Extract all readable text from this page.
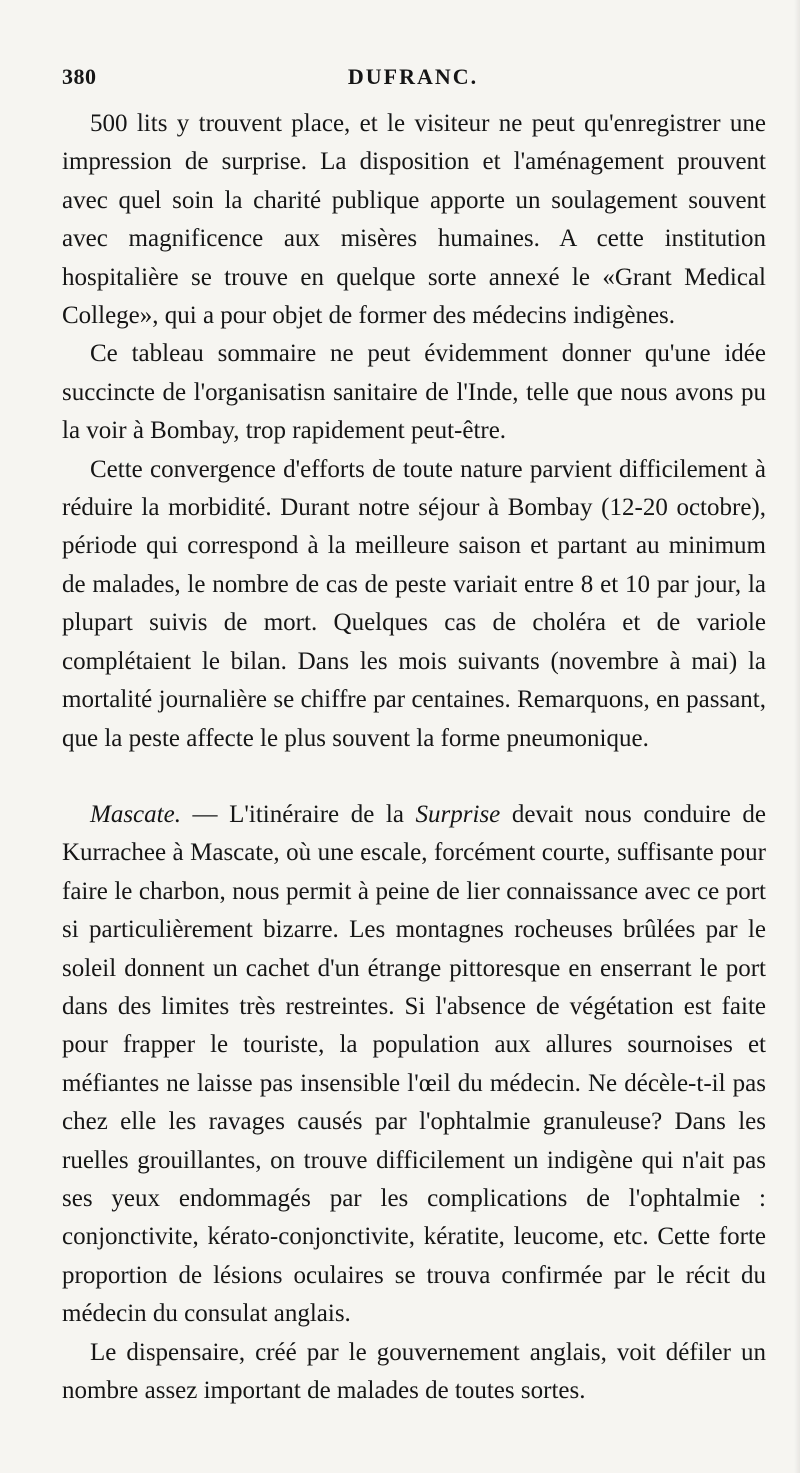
380	DUFRANC.

500 lits y trouvent place, et le visiteur ne peut qu'enregistrer une impression de surprise. La disposition et l'aménagement prouvent avec quel soin la charité publique apporte un soulagement souvent avec magnificence aux misères humaines. A cette institution hospitalière se trouve en quelque sorte annexé le «Grant Medical College», qui a pour objet de former des médecins indigènes.

Ce tableau sommaire ne peut évidemment donner qu'une idée succincte de l'organisatisn sanitaire de l'Inde, telle que nous avons pu la voir à Bombay, trop rapidement peut-être.

Cette convergence d'efforts de toute nature parvient difficilement à réduire la morbidité. Durant notre séjour à Bombay (12-20 octobre), période qui correspond à la meilleure saison et partant au minimum de malades, le nombre de cas de peste variait entre 8 et 10 par jour, la plupart suivis de mort. Quelques cas de choléra et de variole complétaient le bilan. Dans les mois suivants (novembre à mai) la mortalité journalière se chiffre par centaines. Remarquons, en passant, que la peste affecte le plus souvent la forme pneumonique.

Mascate. — L'itinéraire de la Surprise devait nous conduire de Kurrachee à Mascate, où une escale, forcément courte, suffisante pour faire le charbon, nous permit à peine de lier connaissance avec ce port si particulièrement bizarre. Les montagnes rocheuses brûlées par le soleil donnent un cachet d'un étrange pittoresque en enserrant le port dans des limites très restreintes. Si l'absence de végétation est faite pour frapper le touriste, la population aux allures sournoises et méfiantes ne laisse pas insensible l'œil du médecin. Ne décèle-t-il pas chez elle les ravages causés par l'ophtalmie granuleuse? Dans les ruelles grouillantes, on trouve difficilement un indigène qui n'ait pas ses yeux endommagés par les complications de l'ophtalmie : conjonctivite, kérato-conjonctivite, kératite, leucome, etc. Cette forte proportion de lésions oculaires se trouva confirmée par le récit du médecin du consulat anglais.

Le dispensaire, créé par le gouvernement anglais, voit défiler un nombre assez important de malades de toutes sortes.
